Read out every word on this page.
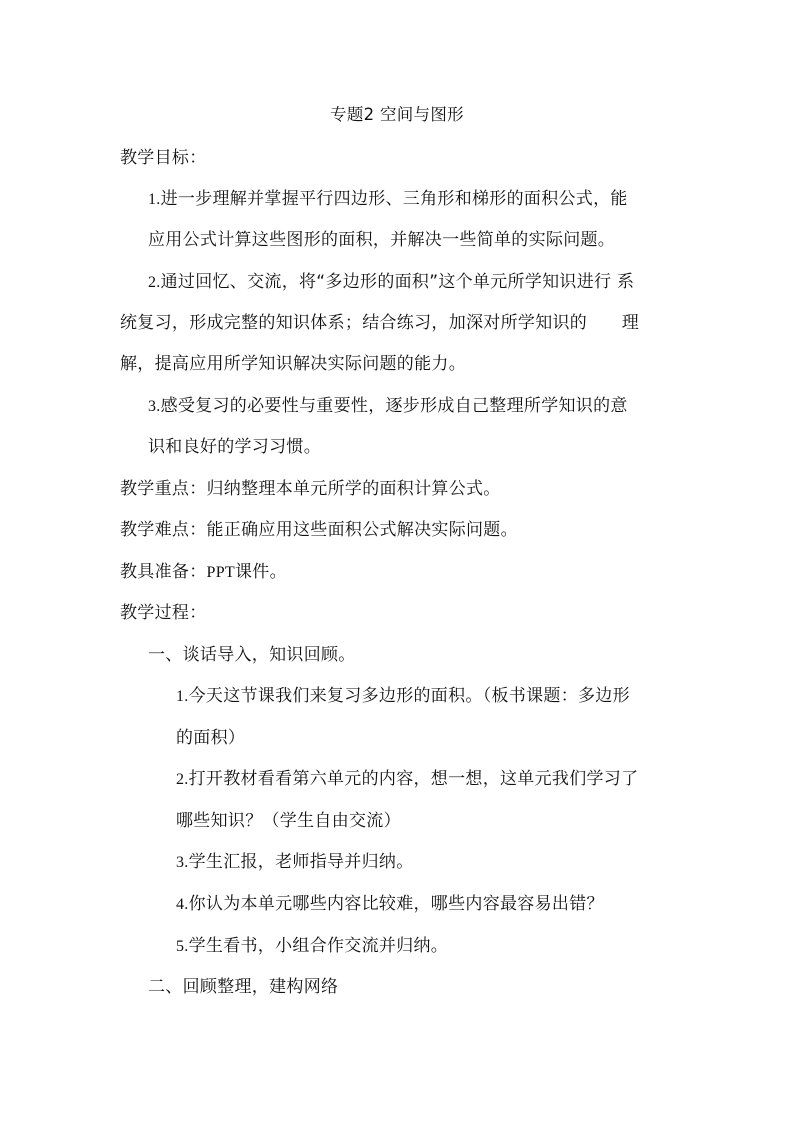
专题2 空间与图形
教学目标：
1.进一步理解并掌握平行四边形、三角形和梯形的面积公式，能
应用公式计算这些图形的面积，并解决一些简单的实际问题。
2.通过回忆、交流，将“多边形的面积”这个单元所学知识进行 系
统复习，形成完整的知识体系；结合练习，加深对所学知识的　　理
解，提高应用所学知识解决实际问题的能力。
3.感受复习的必要性与重要性，逐步形成自己整理所学知识的意
识和良好的学习习惯。
教学重点：归纳整理本单元所学的面积计算公式。
教学难点：能正确应用这些面积公式解决实际问题。
教具准备：PPT课件。
教学过程：
一、谈话导入，知识回顾。
1.今天这节课我们来复习多边形的面积。（板书课题：多边形
的面积）
2.打开教材看看第六单元的内容，想一想，这单元我们学习了
哪些知识？（学生自由交流）
3.学生汇报，老师指导并归纳。
4.你认为本单元哪些内容比较难，哪些内容最容易出错？
5.学生看书，小组合作交流并归纳。
二、回顾整理，建构网络
